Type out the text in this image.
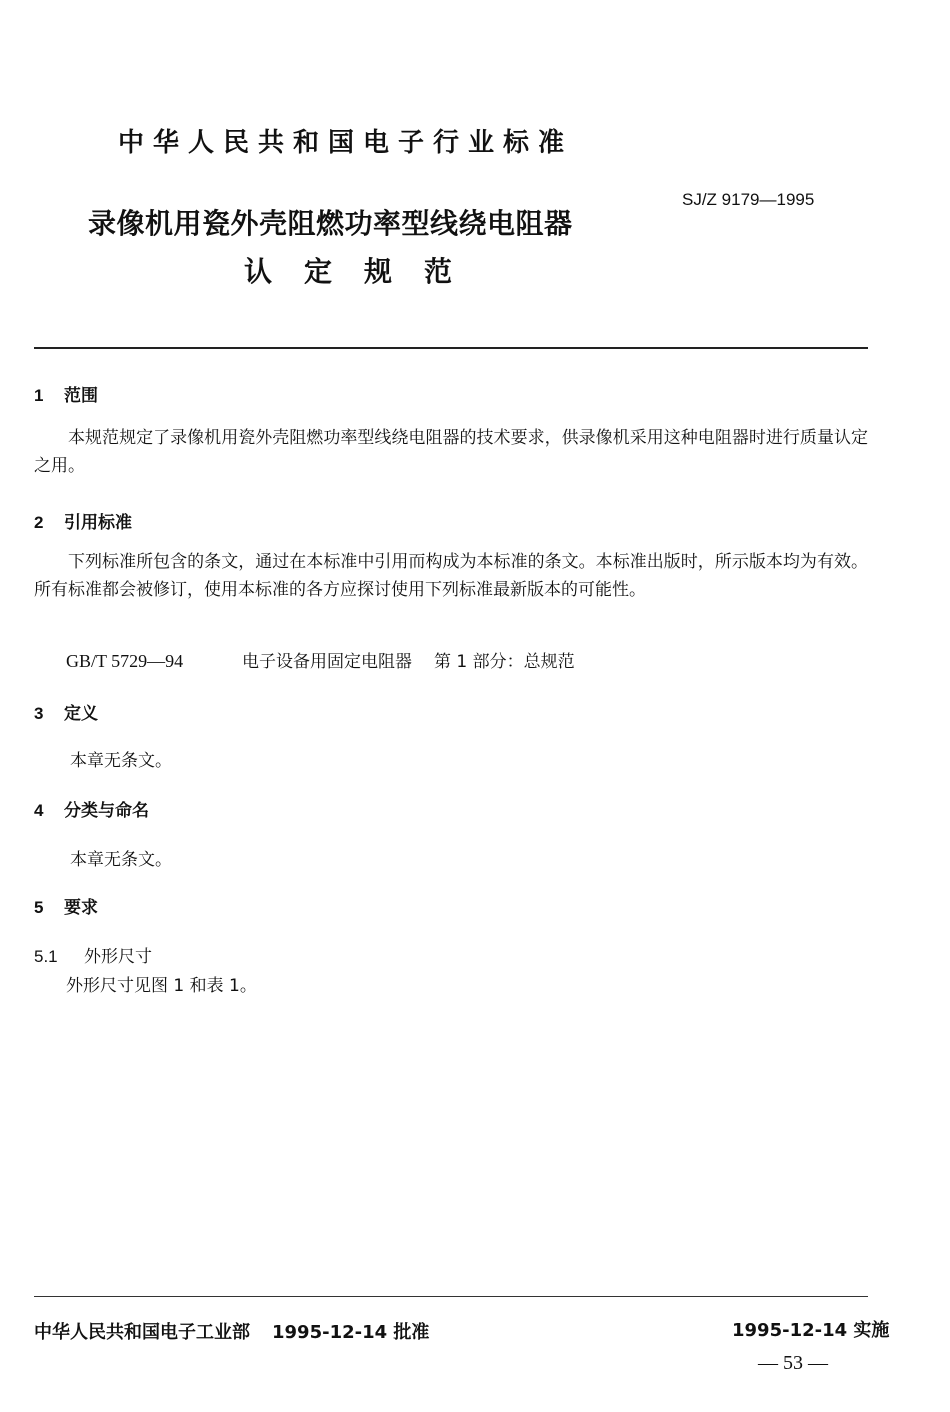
中华人民共和国电子行业标准
SJ/Z 9179—1995
录像机用瓷外壳阻燃功率型线绕电阻器
认定规范
1 范围
本规范规定了录像机用瓷外壳阻燃功率型线绕电阻器的技术要求，供录像机采用这种电阻器时进行质量认定之用。
2 引用标准
下列标准所包含的条文，通过在本标准中引用而构成为本标准的条文。本标准出版时，所示版本均为有效。所有标准都会被修订，使用本标准的各方应探讨使用下列标准最新版本的可能性。
GB/T 5729—94	电子设备用固定电阻器 第 1 部分：总规范
3 定义
本章无条文。
4 分类与命名
本章无条文。
5 要求
5.1 外形尺寸
外形尺寸见图 1 和表 1。
中华人民共和国电子工业部 1995-12-14 批准	1995-12-14 实施
— 53 —
